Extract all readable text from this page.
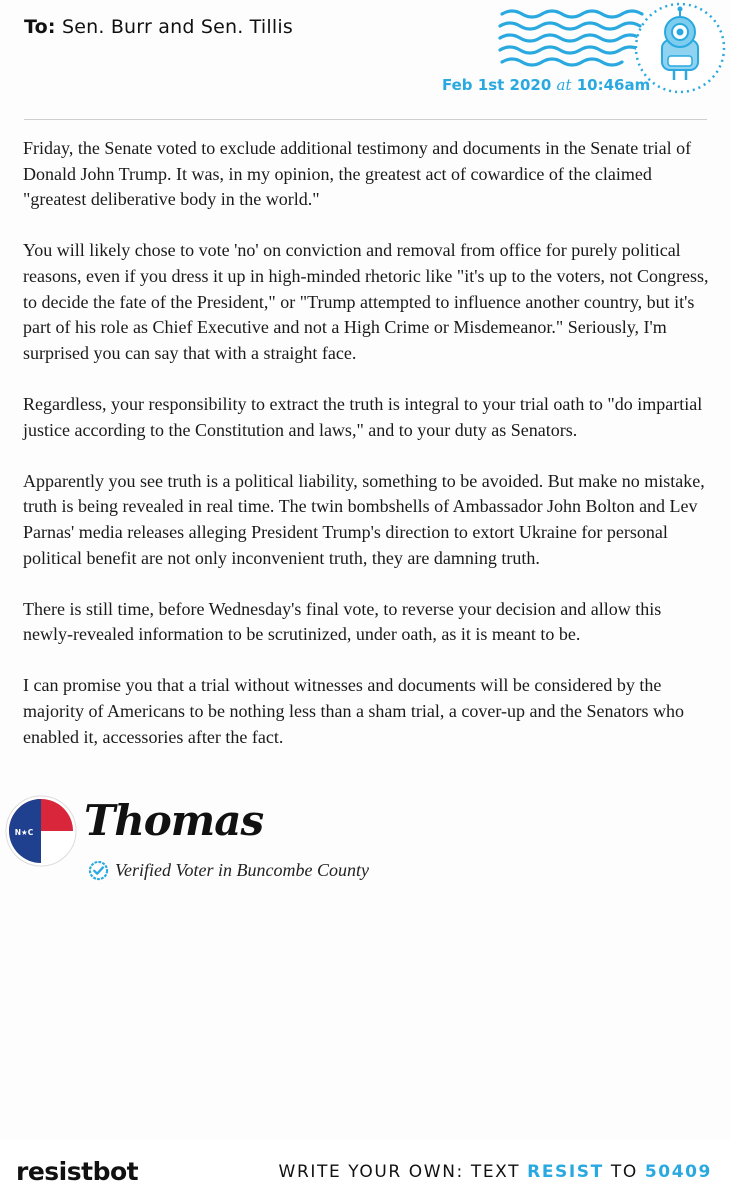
To: Sen. Burr and Sen. Tillis
Feb 1st 2020 at 10:46am

Friday, the Senate voted to exclude additional testimony and documents in the Senate trial of Donald John Trump. It was, in my opinion, the greatest act of cowardice of the claimed "greatest deliberative body in the world."

You will likely chose to vote 'no' on conviction and removal from office for purely political reasons, even if you dress it up in high-minded rhetoric like "it's up to the voters, not Congress, to decide the fate of the President," or "Trump attempted to influence another country, but it's part of his role as Chief Executive and not a High Crime or Misdemeanor." Seriously, I'm surprised you can say that with a straight face.

Regardless, your responsibility to extract the truth is integral to your trial oath to "do impartial justice according to the Constitution and laws," and to your duty as Senators.

Apparently you see truth is a political liability, something to be avoided. But make no mistake, truth is being revealed in real time. The twin bombshells of Ambassador John Bolton and Lev Parnas' media releases alleging President Trump's direction to extort Ukraine for personal political benefit are not only inconvenient truth, they are damning truth.

There is still time, before Wednesday's final vote, to reverse your decision and allow this newly-revealed information to be scrutinized, under oath, as it is meant to be.

I can promise you that a trial without witnesses and documents will be considered by the majority of Americans to be nothing less than a sham trial, a cover-up and the Senators who enabled it, accessories after the fact.

N★C Thomas
Verified Voter in Buncombe County
resistbot	WRITE YOUR OWN: TEXT RESIST TO 50409
